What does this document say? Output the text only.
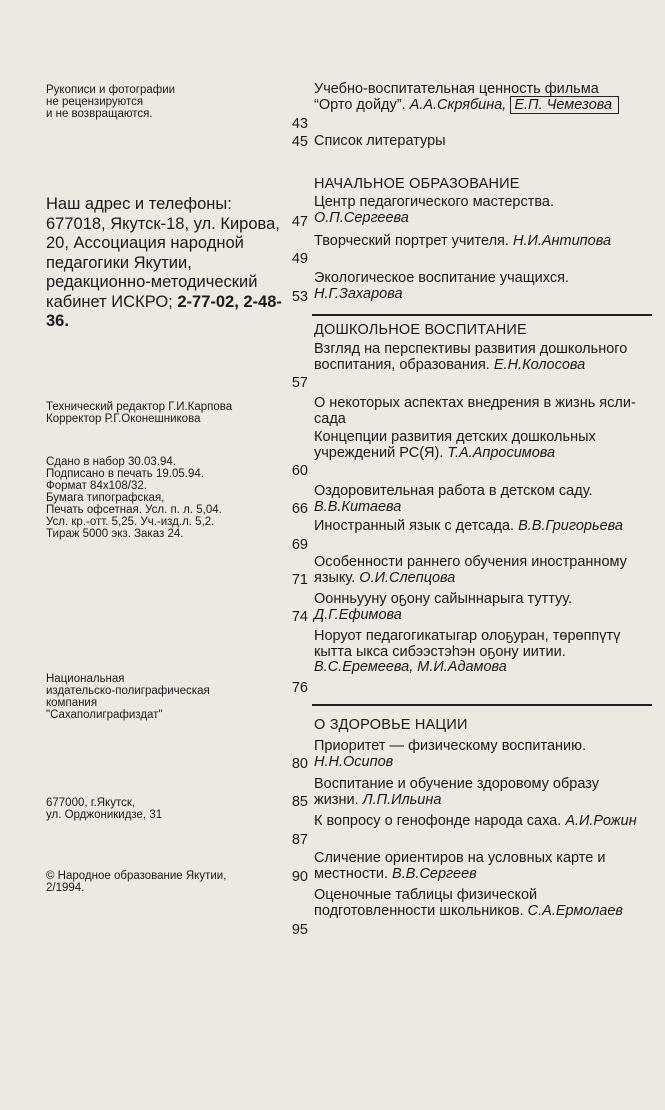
Рукописи и фотографии
не рецензируются
и не возвращаются.
Наш адрес и телефоны: 677018, Якутск-18, ул. Кирова, 20, Ассоциация народной педагогики Якутии, редакционно-методический кабинет ИСКРО; 2-77-02, 2-48-36.
Технический редактор Г.И.Карпова
Корректор Р.Г.Оконешникова
Сдано в набор 30.03.94.
Подписано в печать 19.05.94.
Формат 84х108/32.
Бумага типографская,
Печать офсетная. Усл. п. л. 5,04.
Усл. кр.-отт. 5,25. Уч.-изд.л. 5,2.
Тираж 5000 экз. Заказ 24.
Национальная
издательско-полиграфическая
компания
"Сахаполиграфиздат"
677000, г.Якутск,
ул. Орджоникидзе, 31
© Народное образование Якутии,
2/1994.
43
Учебно-воспитательная ценность фильма “Орто дойду”. А.А.Скрябина, Е.П. Чемезова
45 Список литературы
НАЧАЛЬНОЕ ОБРАЗОВАНИЕ
47
Центр педагогического мастерства. О.П.Сергеева
49
Творческий портрет учителя. Н.И.Антипова
53
Экологическое воспитание учащихся. Н.Г.Захарова
ДОШКОЛЬНОЕ ВОСПИТАНИЕ
57
Взгляд на перспективы развития дошкольного воспитания, образования. Е.Н.Колосова
О некоторых аспектах внедрения в жизнь ясли-сада
60
Концепции развития детских дошкольных учреждений РС(Я). Т.А.Апросимова
66
Оздоровительная работа в детском саду. В.В.Китаева
69
Иностранный язык с детсада. В.В.Григорьева
71
Особенности раннего обучения иностранному языку. О.И.Слепцова
74
Оонньууну оҕону сайыннарыга туттуу. Д.Г.Ефимова
76
Норуот педагогикатыгар олоҕуран, төрөппүтү кытта ыкса сибээстэһэн оҕону иитии. В.С.Еремеева, М.И.Адамова
О ЗДОРОВЬЕ НАЦИИ
80
Приоритет — физическому воспитанию. Н.Н.Осипов
85
Воспитание и обучение здоровому образу жизни. Л.П.Ильина
87
К вопросу о генофонде народа саха. А.И.Рожин
90
Сличение ориентиров на условных карте и местности. В.В.Сергеев
95
Оценочные таблицы физической подготовленности школьников. С.А.Ермолаев
